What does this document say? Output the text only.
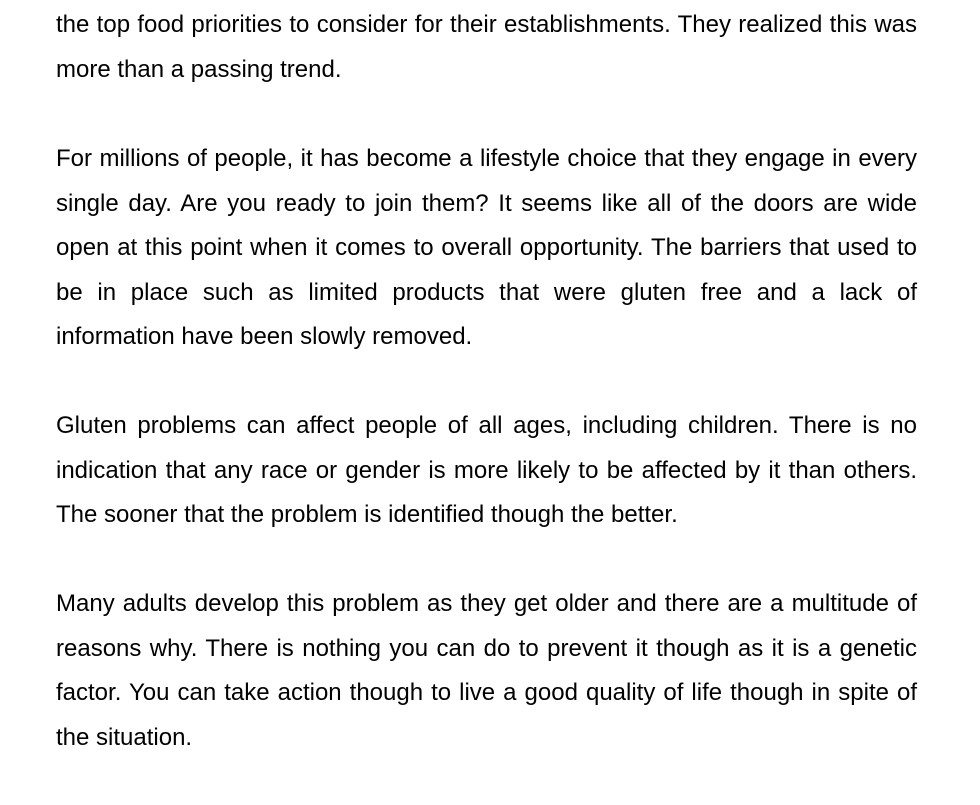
the top food priorities to consider for their establishments. They realized this was more than a passing trend.

For millions of people, it has become a lifestyle choice that they engage in every single day. Are you ready to join them? It seems like all of the doors are wide open at this point when it comes to overall opportunity. The barriers that used to be in place such as limited products that were gluten free and a lack of information have been slowly removed.

Gluten problems can affect people of all ages, including children. There is no indication that any race or gender is more likely to be affected by it than others. The sooner that the problem is identified though the better.

Many adults develop this problem as they get older and there are a multitude of reasons why. There is nothing you can do to prevent it though as it is a genetic factor. You can take action though to live a good quality of life though in spite of the situation.
